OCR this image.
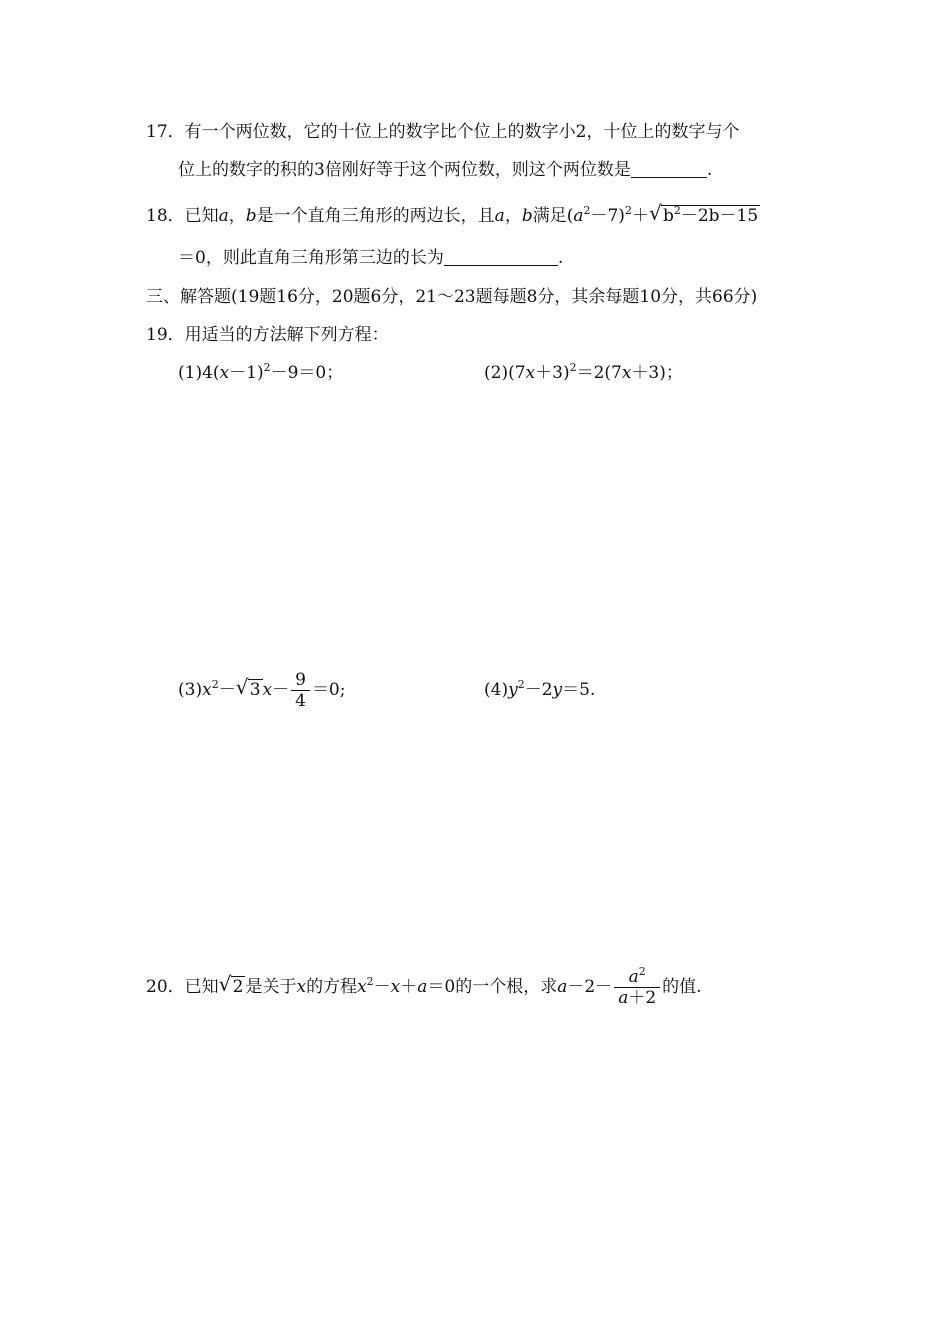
17．有一个两位数，它的十位上的数字比个位上的数字小2，十位上的数字与个
位上的数字的积的3倍刚好等于这个两位数，则这个两位数是	.
18．已知a，b是一个直角三角形的两边长，且a，b满足$(a^2-7)^2+$ √ $b^2-2b-15$
＝0，则此直角三角形第三边的长为	.
三、解答题(19题16分，20题6分，21～23题每题8分，其余每题10分，共66分)
19．用适当的方法解下列方程：
$(1)4(x-1)^2-9=0$；	$(2)(7x+3)^2=2(7x+3)$；
$(3)x^2-$ √ 3 $x- \frac{9}{4} =0$;	$(4)y^2-2y=5$.
20．已知 √ 2 是关于x的方程$x^2-x+a=0$的一个根，求$a-2- \frac{a^2}{a+2}$ 的值.
